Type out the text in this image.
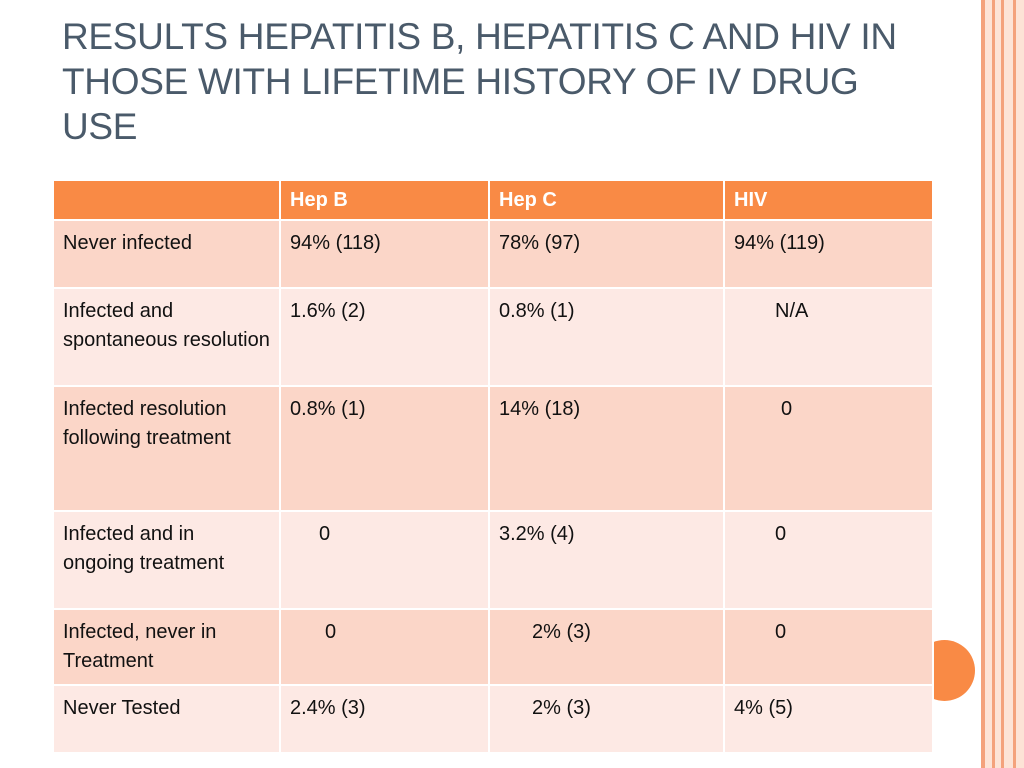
RESULTS HEPATITIS B, HEPATITIS C AND HIV IN THOSE WITH LIFETIME HISTORY OF IV DRUG USE
	Hep B	Hep C	HIV
Never infected	94% (118)	78% (97)	94% (119)
Infected and spontaneous resolution	1.6% (2)	0.8% (1)	N/A
Infected resolution following treatment	0.8% (1)	14% (18)	0
Infected and in ongoing treatment	0	3.2% (4)	0
Infected, never in Treatment	0	2% (3)	0
Never Tested	2.4% (3)	2% (3)	4% (5)
